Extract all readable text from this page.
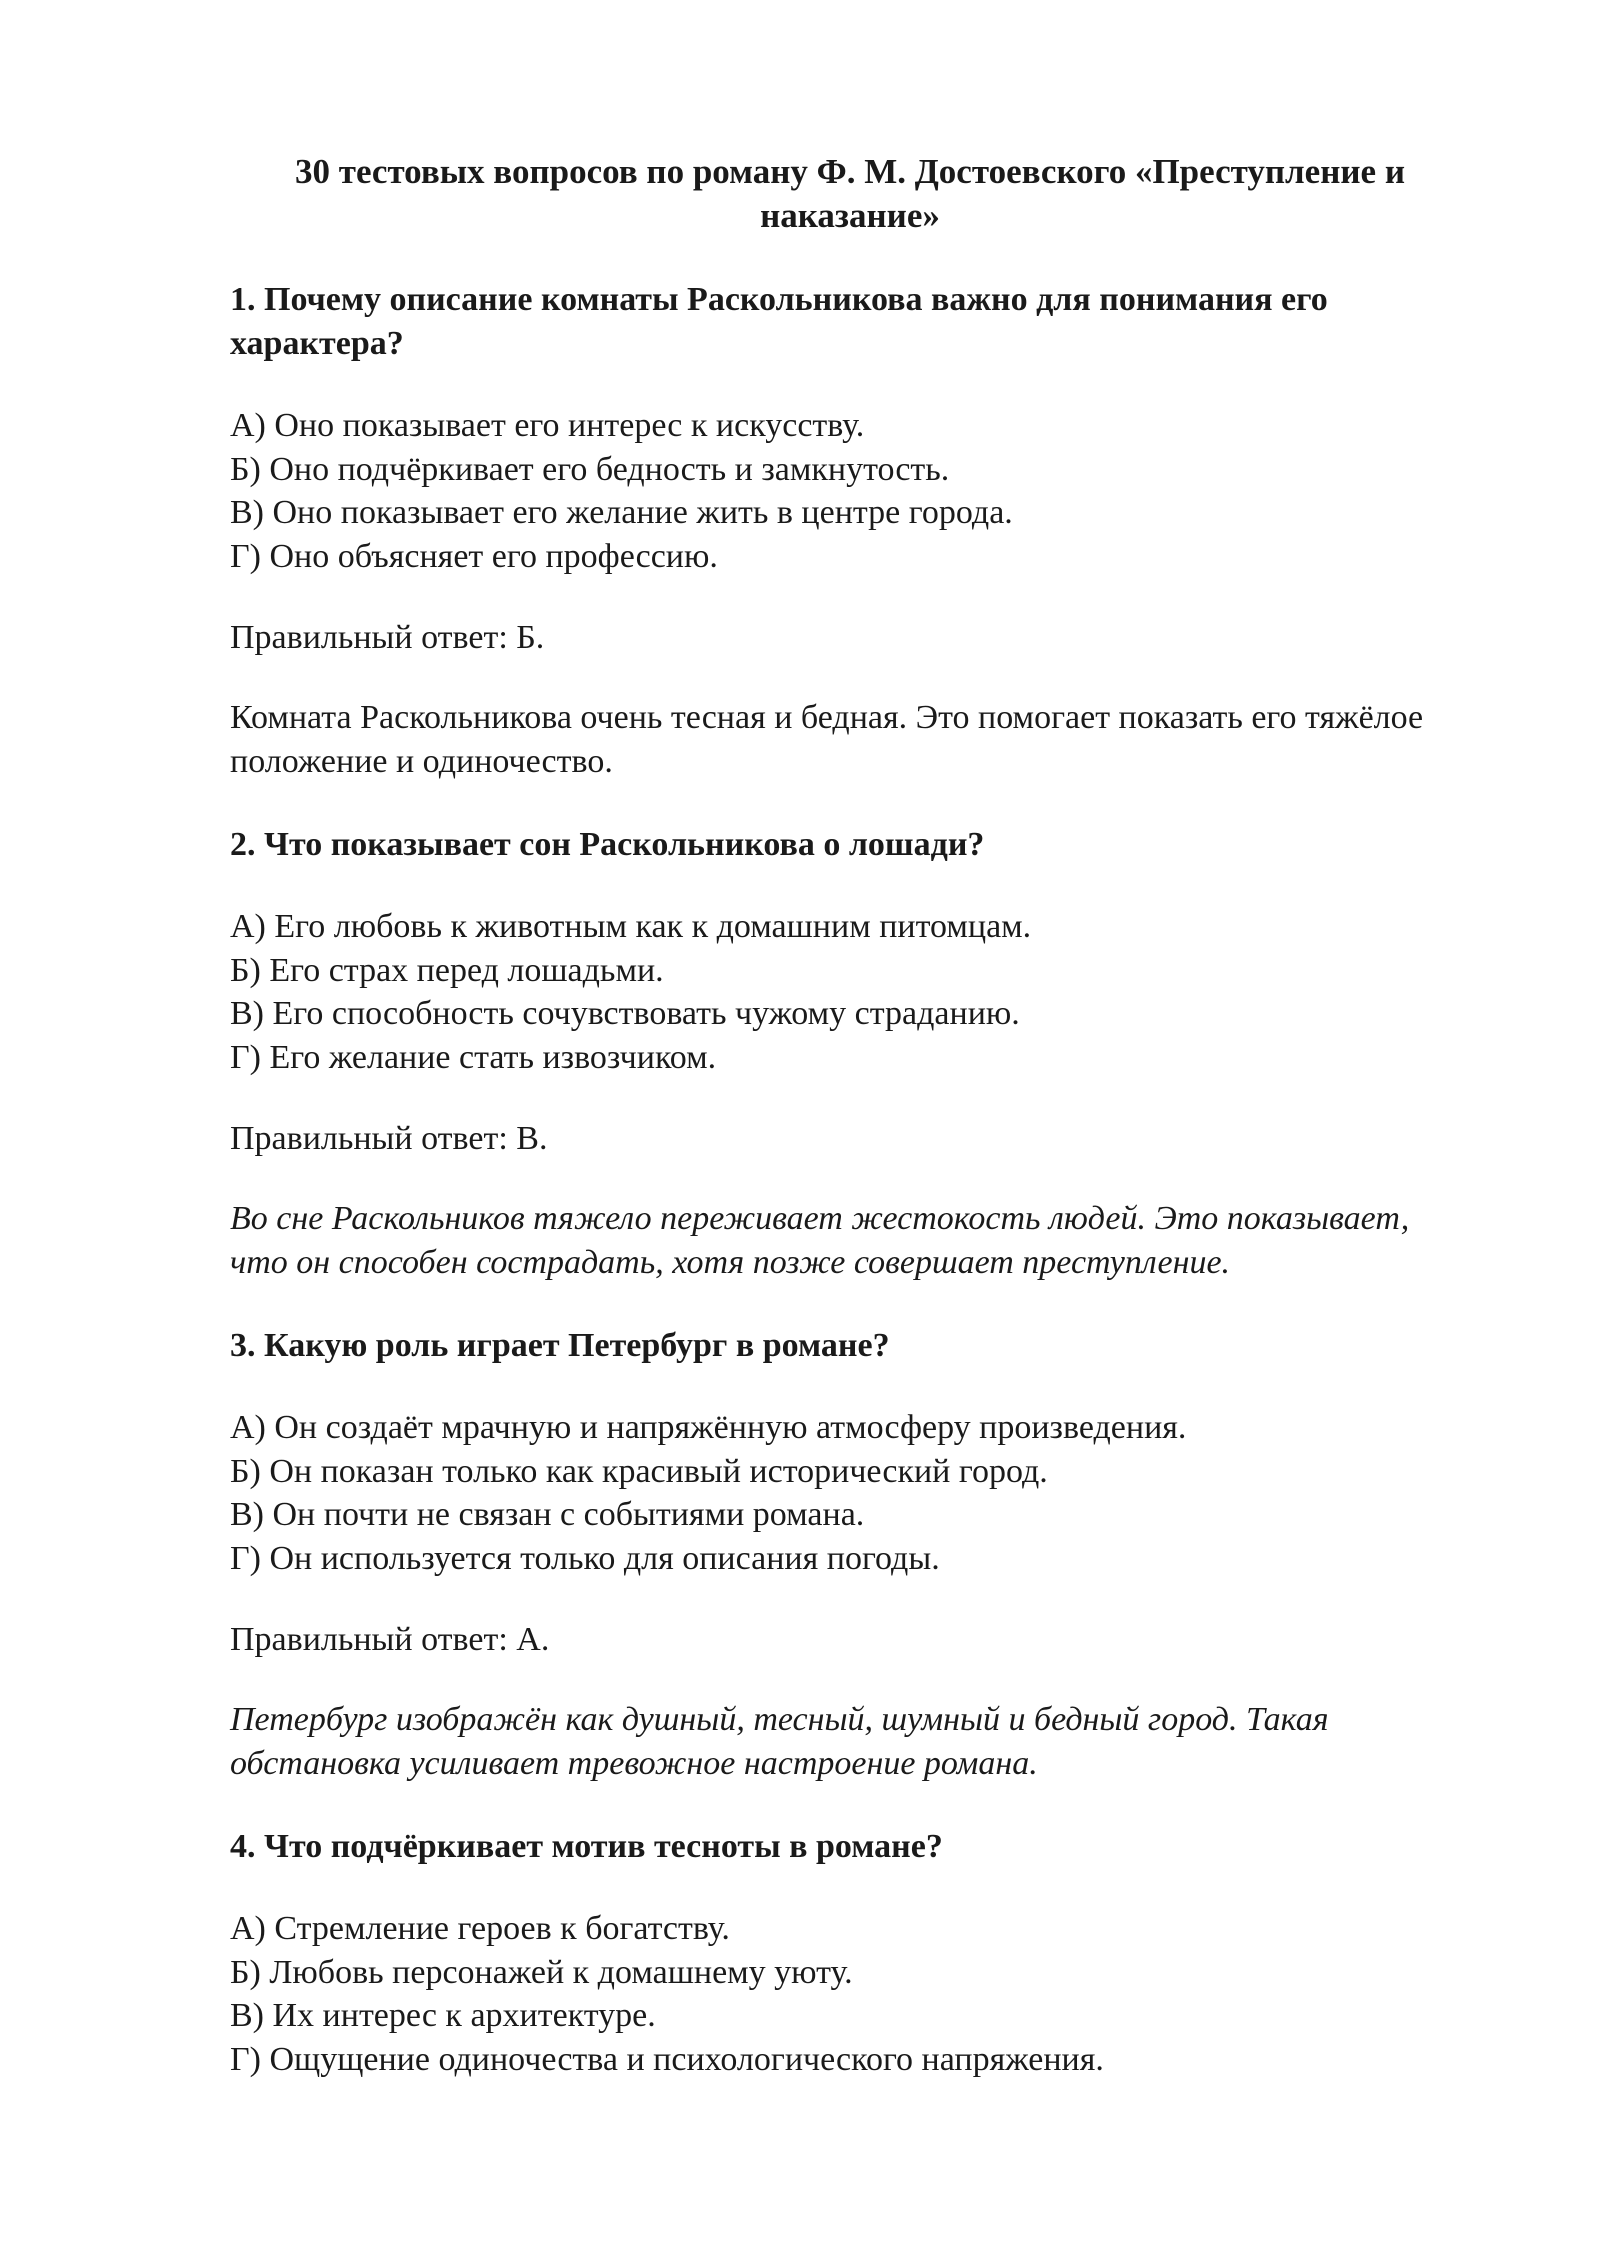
30 тестовых вопросов по роману Ф. М. Достоевского «Преступление и наказание»

1. Почему описание комнаты Раскольникова важно для понимания его характера?

А) Оно показывает его интерес к искусству.
Б) Оно подчёркивает его бедность и замкнутость.
В) Оно показывает его желание жить в центре города.
Г) Оно объясняет его профессию.

Правильный ответ: Б.

Комната Раскольникова очень тесная и бедная. Это помогает показать его тяжёлое положение и одиночество.

2. Что показывает сон Раскольникова о лошади?

А) Его любовь к животным как к домашним питомцам.
Б) Его страх перед лошадьми.
В) Его способность сочувствовать чужому страданию.
Г) Его желание стать извозчиком.

Правильный ответ: В.

Во сне Раскольников тяжело переживает жестокость людей. Это показывает, что он способен сострадать, хотя позже совершает преступление.

3. Какую роль играет Петербург в романе?

А) Он создаёт мрачную и напряжённую атмосферу произведения.
Б) Он показан только как красивый исторический город.
В) Он почти не связан с событиями романа.
Г) Он используется только для описания погоды.

Правильный ответ: А.

Петербург изображён как душный, тесный, шумный и бедный город. Такая обстановка усиливает тревожное настроение романа.

4. Что подчёркивает мотив тесноты в романе?

А) Стремление героев к богатству.
Б) Любовь персонажей к домашнему уюту.
В) Их интерес к архитектуре.
Г) Ощущение одиночества и психологического напряжения.
